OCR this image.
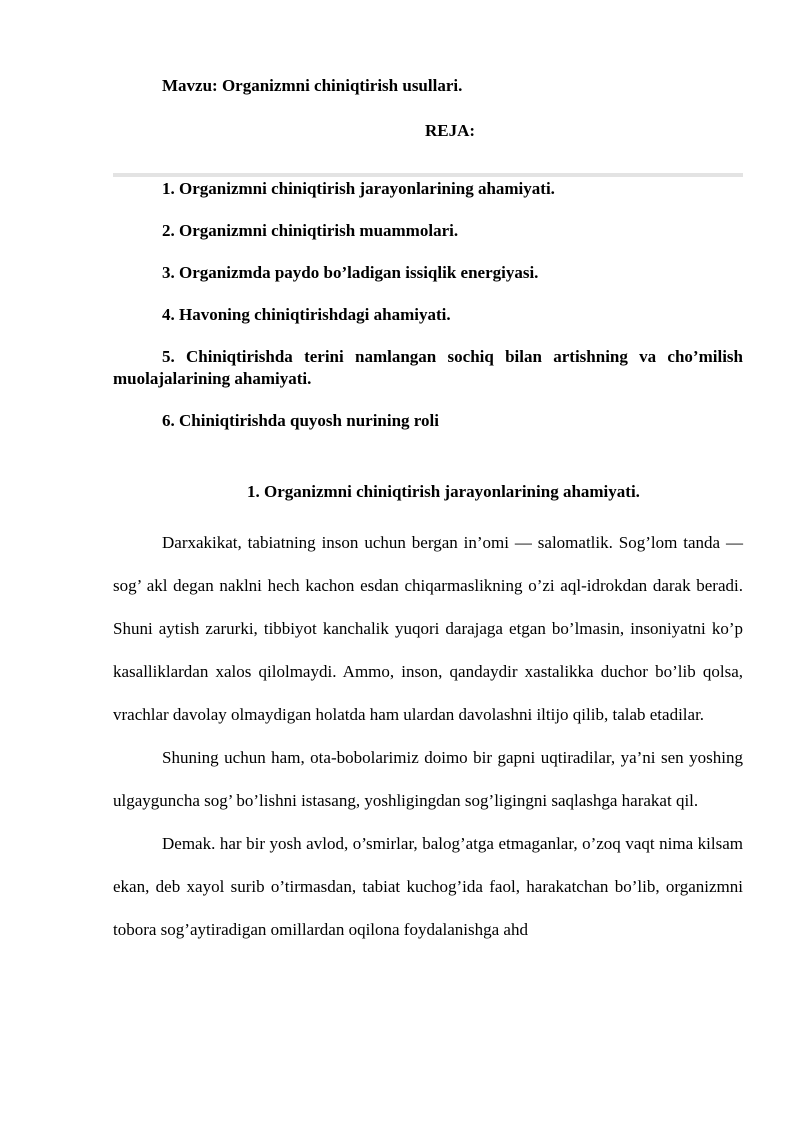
Mavzu: Organizmni chiniqtirish usullari.
REJA:
1. Organizmni chiniqtirish jarayonlarining ahamiyati.
2. Organizmni chiniqtirish muammolari.
3. Organizmda paydo bo’ladigan issiqlik energiyasi.
4. Havoning chiniqtirishdagi ahamiyati.
5. Chiniqtirishda terini namlangan sochiq bilan artishning va cho’milish muolajalarining ahamiyati.
6. Chiniqtirishda quyosh nurining roli
1. Organizmni chiniqtirish jarayonlarining ahamiyati.

Darxakikat, tabiatning inson uchun bergan in’omi — salomatlik. Sog’lom tanda —sog’ akl degan naklni hech kachon esdan chiqarmaslikning o’zi aql-idrokdan darak beradi. Shuni aytish zarurki, tibbiyot kanchalik yuqori darajaga etgan bo’lmasin, insoniyatni ko’p kasalliklardan xalos qilolmaydi. Ammo, inson, qandaydir xastalikka duchor bo’lib qolsa, vrachlar davolay olmaydigan holatda ham ulardan davolashni iltijo qilib, talab etadilar.

Shuning uchun ham, ota-bobolarimiz doimo bir gapni uqtiradilar, ya’ni sen yoshing ulgayguncha sog’ bo’lishni istasang, yoshligingdan sog’ligingni saqlashga harakat qil.

Demak. har bir yosh avlod, o’smirlar, balog’atga etmaganlar, o’zoq vaqt nima kilsam ekan, deb xayol surib o’tirmasdan, tabiat kuchog’ida faol, harakatchan bo’lib, organizmni tobora sog’aytiradigan omillardan oqilona foydalanishga ahd
